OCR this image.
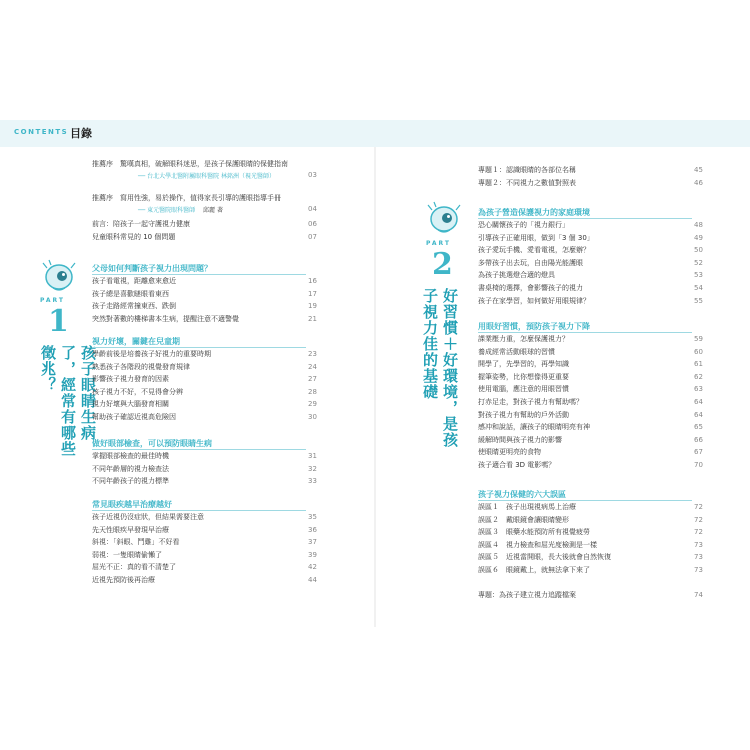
CONTENTS 目錄
推薦序　驚嘆真相，破解眼科迷思，是孩子保護眼睛的保健指南
── 台北大學北醫附屬眼科醫院 林銘洲（視光醫師）	03
推薦序　寫用性強，易於操作，值得家長引導的護眼指導手冊
── 東元醫院眼科醫師 　邱麗 著	04
前言：陪孩子一起守護視力健康	06
兒童眼科常見的 10 個問題	07
PART
1
孩子眼睛生病了，經常有哪些徵兆？
父母如何判斷孩子視力出現問題？
孩子看電視，距離愈來愈近	16
孩子總是喜歡瞇眼看東西	17
孩子走路經常撞東西、跌倒	19
突然對著數的樓梯書本生病，提醒注意不適警覺	21
視力好壞，關鍵在兒童期
學齡前後是培養孩子好視力的重要時期	23
熟悉孩子各階段的視覺發育規律	24
影響孩子視力發育的因素	27
孩子視力不好，不見得會分辨	28
視力好壞與大腦發育相關	29
幫助孩子確認近視高危險因	30
做好眼部檢查，可以預防眼睛生病
掌握眼部檢查的最佳時機	31
不同年齡層的視力檢查法	32
不同年齡孩子的視力標準	33
常見眼疾越早治療越好
孩子近視仍沒症狀，但結果需要注意	35
先天性眼疾早發現早治療	36
斜視：「斜眼、鬥雞」不好看	37
弱視：一隻眼睛偷懶了	39
屈光不正：真的看不清楚了	42
近視先預防後再治療	44
專題１：認識眼睛的各部位名稱	45
專題２：不同視力之數值對照表	46
PART
2
好習慣＋好環境，是孩子視力佳的基礎
為孩子營造保護視力的家庭環境
恐心關懷孩子的「視力銀行」	48
引導孩子正確用眼，做到「3 個 30」	49
孩子愛玩手機、愛看電視，怎麼辦？	50
多帶孩子出去玩，自由陽光能護眼	52
為孩子挑選燈合適的燈具	53
書桌椅的選擇，會影響孩子的視力	54
孩子在家學習，如何做好用眼規律？	55
用眼好習慣，預防孩子視力下降
課業壓力重，怎麼保護視力？	59
養成經常活動眼球的習慣	60
開學了，先學習的，再學知識	61
握筆姿勢，比你想像得更重要	62
使用電腦，應注意的用眼習慣	63
打赤足走，對孩子視力有幫助嗎？	64
對孩子視力有幫助的戶外活動	64
感冲和說話，讓孩子的眼睛明亮有神	65
緩解時間與孩子視力的影響	66
使眼睛更明亮的食物	67
孩子適合看 3D 電影嗎？	70
孩子視力保健的六大誤區
誤區１　孩子出現視病馬上治療	72
誤區２　戴眼鏡會讓眼睛變形	72
誤區３　眼藥水能預防所有視覺疲勞	72
誤區４　視力檢查和屈光度檢測是一樣	73
誤區５　近視當開眼，長大後就會自然恢復	73
誤區６　眼鏡戴上，就無法拿下來了	73
專題：為孩子建立視力追蹤檔案	74
